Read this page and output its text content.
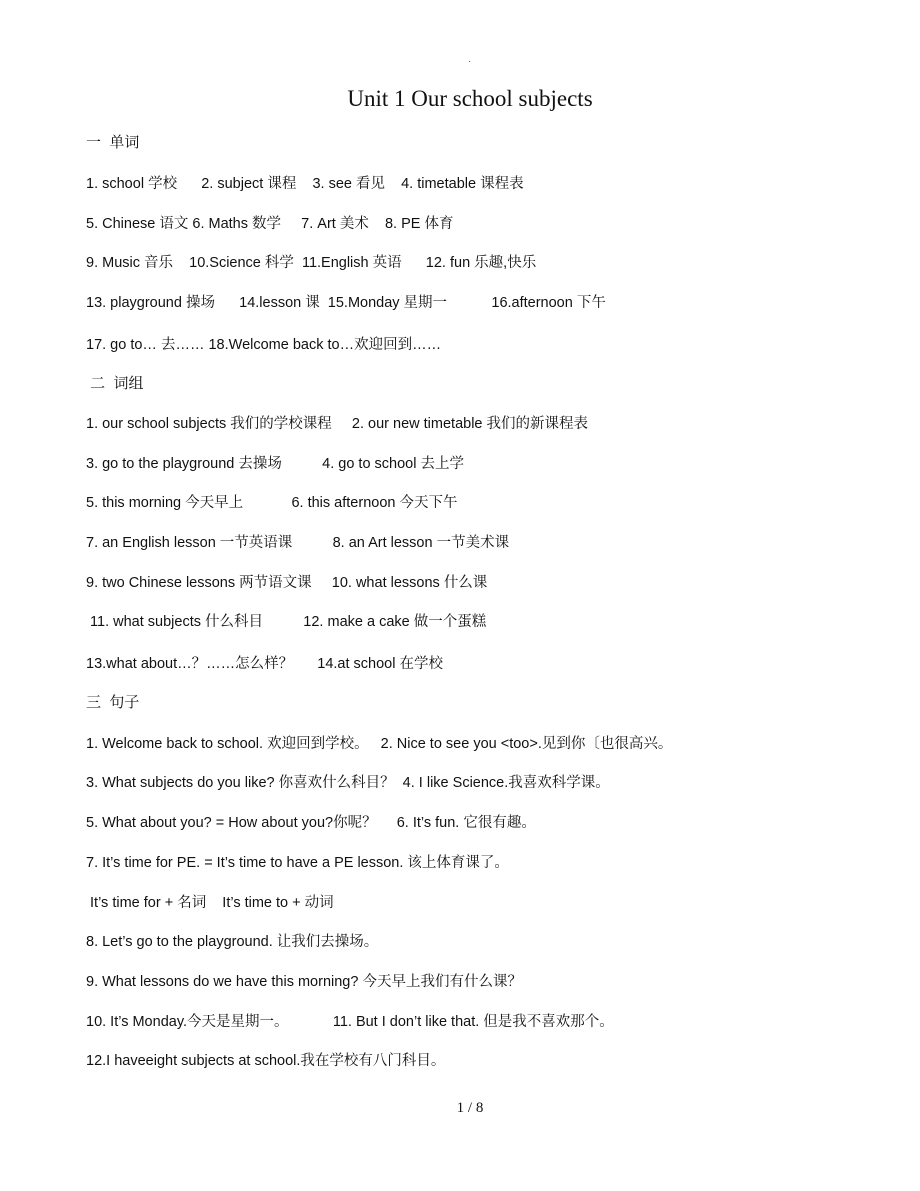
·
Unit 1 Our school subjects
一  单词
1. school 学校      2. subject 课程    3. see 看见    4. timetable 课程表
5. Chinese 语文 6. Maths 数学     7. Art 美术    8. PE 体育
9. Music 音乐    10.Science 科学  11.English 英语      12. fun 乐趣,快乐
13. playground 操场      14.lesson 课  15.Monday 星期一           16.afternoon 下午
17. go to… 去…… 18.Welcome back to…欢迎回到……
二  词组
1. our school subjects 我们的学校课程     2. our new timetable 我们的新课程表
3. go to the playground 去操场          4. go to school 去上学
5. this morning 今天早上            6. this afternoon 今天下午
7. an English lesson 一节英语课          8. an Art lesson 一节美术课
9. two Chinese lessons 两节语文课     10. what lessons 什么课
11. what subjects 什么科目          12. make a cake 做一个蛋糕
13.what about…？……怎么样？      14.at school 在学校
三  句子
1. Welcome back to school. 欢迎回到学校。   2. Nice to see you <too>.见到你〔也很高兴。
3. What subjects do you like? 你喜欢什么科目？  4. I like Science.我喜欢科学课。
5. What about you? = How about you?你呢？     6. It’s fun. 它很有趣。
7. It’s time for PE. = It’s time to have a PE lesson. 该上体育课了。
It’s time for + 名词    It’s time to + 动词
8. Let’s go to the playground. 让我们去操场。
9. What lessons do we have this morning? 今天早上我们有什么课？
10. It’s Monday.今天是星期一。           11. But I don’t like that. 但是我不喜欢那个。
12.I haveeight subjects at school.我在学校有八门科目。
1 / 8
